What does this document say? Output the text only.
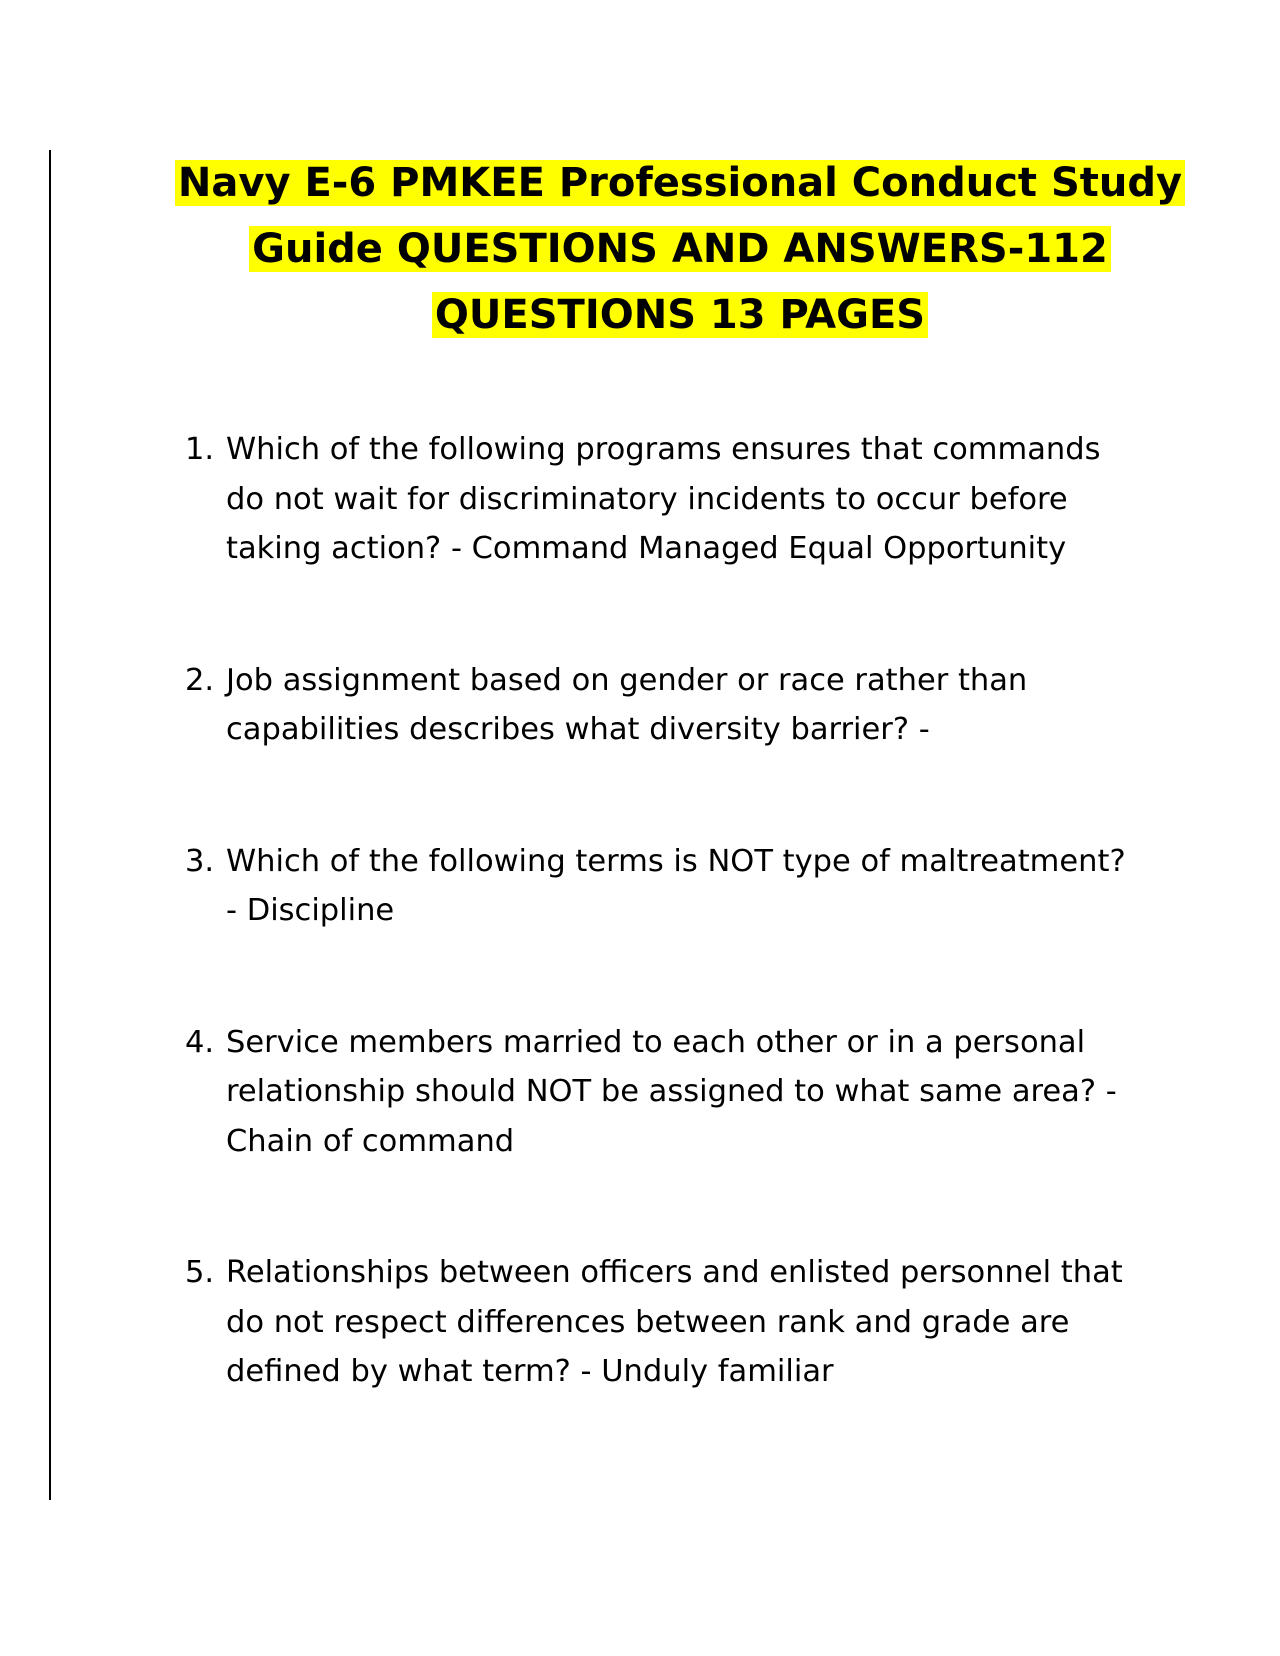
Navy E-6 PMKEE Professional Conduct Study Guide QUESTIONS AND ANSWERS-112 QUESTIONS 13 PAGES
1. Which of the following programs ensures that commands do not wait for discriminatory incidents to occur before taking action? - Command Managed Equal Opportunity
2. Job assignment based on gender or race rather than capabilities describes what diversity barrier? -
3. Which of the following terms is NOT type of maltreatment? - Discipline
4. Service members married to each other or in a personal relationship should NOT be assigned to what same area? - Chain of command
5. Relationships between officers and enlisted personnel that do not respect differences between rank and grade are defined by what term? - Unduly familiar
